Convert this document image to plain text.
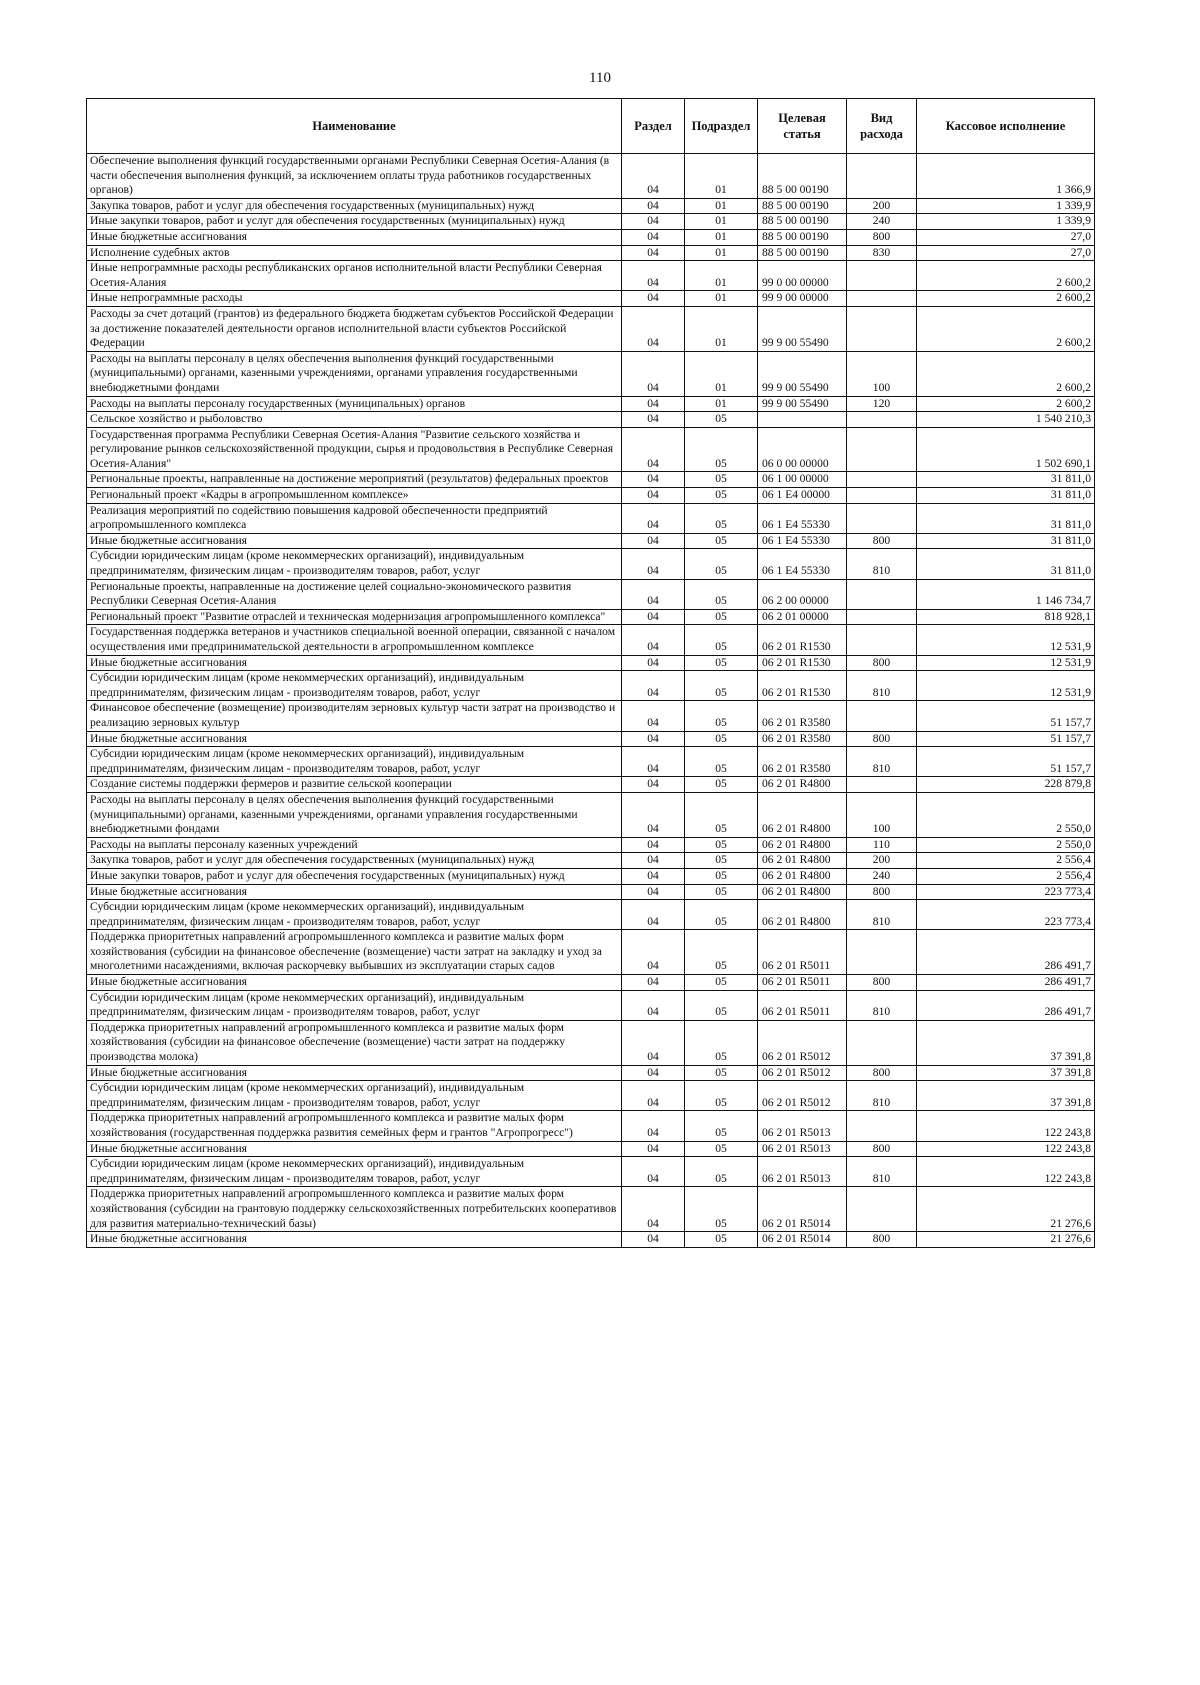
110
Наименование	Раздел	Подраздел	Целевая статья	Вид расхода	Кассовое исполнение
Обеспечение выполнения функций государственными органами Республики Северная Осетия-Алания (в части обеспечения выполнения функций, за исключением оплаты труда работников государственных органов)	04	01	88 5 00 00190		1 366,9
Закупка товаров, работ и услуг для обеспечения государственных (муниципальных) нужд	04	01	88 5 00 00190	200	1 339,9
Иные закупки товаров, работ и услуг для обеспечения государственных (муниципальных) нужд	04	01	88 5 00 00190	240	1 339,9
Иные бюджетные ассигнования	04	01	88 5 00 00190	800	27,0
Исполнение судебных актов	04	01	88 5 00 00190	830	27,0
Иные непрограммные расходы республиканских органов исполнительной власти Республики Северная Осетия-Алания	04	01	99 0 00 00000		2 600,2
Иные непрограммные расходы	04	01	99 9 00 00000		2 600,2
Расходы за счет дотаций (грантов) из федерального бюджета бюджетам субъектов Российской Федерации за достижение показателей деятельности органов исполнительной власти субъектов Российской Федерации	04	01	99 9 00 55490		2 600,2
Расходы на выплаты персоналу в целях обеспечения выполнения функций государственными (муниципальными) органами, казенными учреждениями, органами управления государственными внебюджетными фондами	04	01	99 9 00 55490	100	2 600,2
Расходы на выплаты персоналу государственных (муниципальных) органов	04	01	99 9 00 55490	120	2 600,2
Сельское хозяйство и рыболовство	04	05			1 540 210,3
Государственная программа Республики Северная Осетия-Алания "Развитие сельского хозяйства и регулирование рынков сельскохозяйственной продукции, сырья и продовольствия в Республике Северная Осетия-Алания"	04	05	06 0 00 00000		1 502 690,1
Региональные проекты, направленные на достижение мероприятий (результатов) федеральных проектов	04	05	06 1 00 00000		31 811,0
Региональный проект «Кадры в агропромышленном комплексе»	04	05	06 1 E4 00000		31 811,0
Реализация мероприятий по содействию повышения кадровой обеспеченности предприятий агропромышленного комплекса	04	05	06 1 E4 55330		31 811,0
Иные бюджетные ассигнования	04	05	06 1 E4 55330	800	31 811,0
Субсидии юридическим лицам (кроме некоммерческих организаций), индивидуальным предпринимателям, физическим лицам - производителям товаров, работ, услуг	04	05	06 1 E4 55330	810	31 811,0
Региональные проекты, направленные на достижение целей социально-экономического развития Республики Северная Осетия-Алания	04	05	06 2 00 00000		1 146 734,7
Региональный проект "Развитие отраслей и техническая модернизация агропромышленного комплекса"	04	05	06 2 01 00000		818 928,1
Государственная поддержка ветеранов и участников специальной военной операции, связанной с началом осуществления ими предпринимательской деятельности в агропромышленном комплексе	04	05	06 2 01 R1530		12 531,9
Иные бюджетные ассигнования	04	05	06 2 01 R1530	800	12 531,9
Субсидии юридическим лицам (кроме некоммерческих организаций), индивидуальным предпринимателям, физическим лицам - производителям товаров, работ, услуг	04	05	06 2 01 R1530	810	12 531,9
Финансовое обеспечение (возмещение) производителям зерновых культур части затрат на производство и реализацию зерновых культур	04	05	06 2 01 R3580		51 157,7
Иные бюджетные ассигнования	04	05	06 2 01 R3580	800	51 157,7
Субсидии юридическим лицам (кроме некоммерческих организаций), индивидуальным предпринимателям, физическим лицам - производителям товаров, работ, услуг	04	05	06 2 01 R3580	810	51 157,7
Создание системы поддержки фермеров и развитие сельской кооперации	04	05	06 2 01 R4800		228 879,8
Расходы на выплаты персоналу в целях обеспечения выполнения функций государственными (муниципальными) органами, казенными учреждениями, органами управления государственными внебюджетными фондами	04	05	06 2 01 R4800	100	2 550,0
Расходы на выплаты персоналу казенных учреждений	04	05	06 2 01 R4800	110	2 550,0
Закупка товаров, работ и услуг для обеспечения государственных (муниципальных) нужд	04	05	06 2 01 R4800	200	2 556,4
Иные закупки товаров, работ и услуг для обеспечения государственных (муниципальных) нужд	04	05	06 2 01 R4800	240	2 556,4
Иные бюджетные ассигнования	04	05	06 2 01 R4800	800	223 773,4
Субсидии юридическим лицам (кроме некоммерческих организаций), индивидуальным предпринимателям, физическим лицам - производителям товаров, работ, услуг	04	05	06 2 01 R4800	810	223 773,4
Поддержка приоритетных направлений агропромышленного комплекса и развитие малых форм хозяйствования (субсидии на финансовое обеспечение (возмещение) части затрат на закладку и уход за многолетними насаждениями, включая раскорчевку выбывших из эксплуатации старых садов	04	05	06 2 01 R5011		286 491,7
Иные бюджетные ассигнования	04	05	06 2 01 R5011	800	286 491,7
Субсидии юридическим лицам (кроме некоммерческих организаций), индивидуальным предпринимателям, физическим лицам - производителям товаров, работ, услуг	04	05	06 2 01 R5011	810	286 491,7
Поддержка приоритетных направлений агропромышленного комплекса и развитие малых форм хозяйствования (субсидии на финансовое обеспечение (возмещение) части затрат на поддержку производства молока)	04	05	06 2 01 R5012		37 391,8
Иные бюджетные ассигнования	04	05	06 2 01 R5012	800	37 391,8
Субсидии юридическим лицам (кроме некоммерческих организаций), индивидуальным предпринимателям, физическим лицам - производителям товаров, работ, услуг	04	05	06 2 01 R5012	810	37 391,8
Поддержка приоритетных направлений агропромышленного комплекса и развитие малых форм хозяйствования (государственная поддержка развития семейных ферм и грантов "Агропрогресс")	04	05	06 2 01 R5013		122 243,8
Иные бюджетные ассигнования	04	05	06 2 01 R5013	800	122 243,8
Субсидии юридическим лицам (кроме некоммерческих организаций), индивидуальным предпринимателям, физическим лицам - производителям товаров, работ, услуг	04	05	06 2 01 R5013	810	122 243,8
Поддержка приоритетных направлений агропромышленного комплекса и развитие малых форм хозяйствования (субсидии на грантовую поддержку сельскохозяйственных потребительских кооперативов для развития материально-технический базы)	04	05	06 2 01 R5014		21 276,6
Иные бюджетные ассигнования	04	05	06 2 01 R5014	800	21 276,6
